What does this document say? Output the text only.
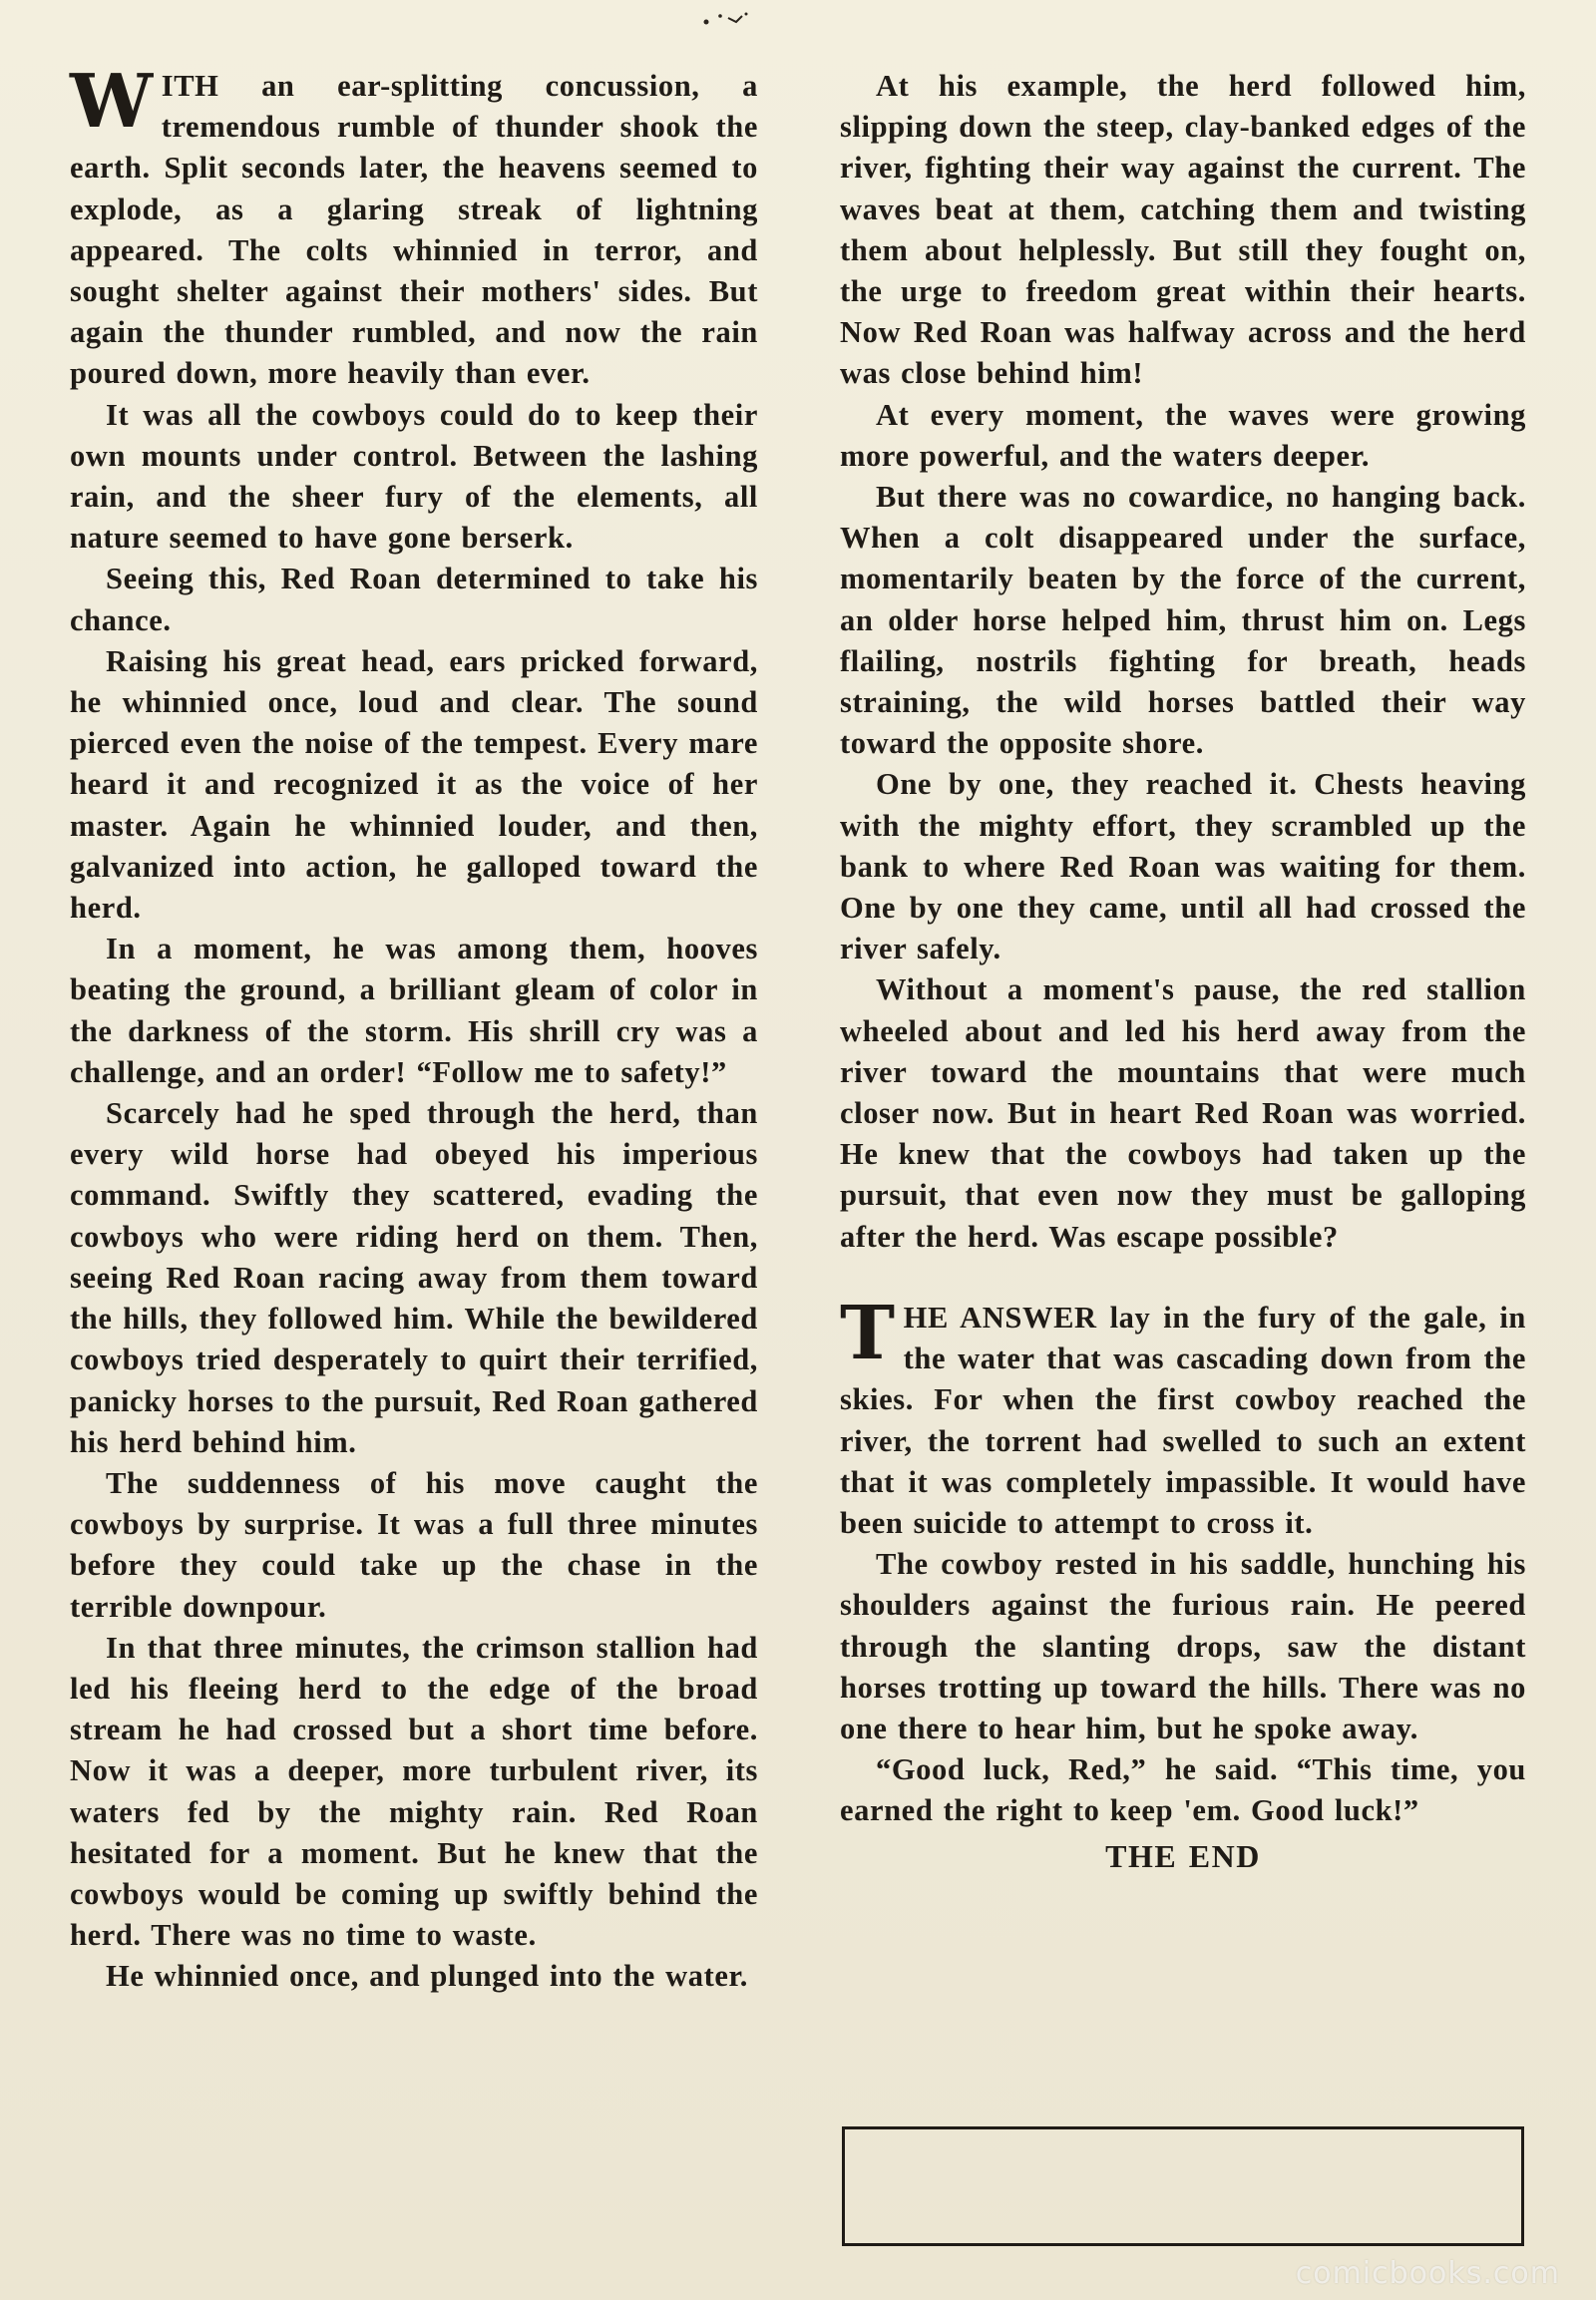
WITH an ear-splitting concussion, a tremendous rumble of thunder shook the earth. Split seconds later, the heavens seemed to explode, as a glaring streak of lightning appeared. The colts whinnied in terror, and sought shelter against their mothers' sides. But again the thunder rumbled, and now the rain poured down, more heavily than ever.

It was all the cowboys could do to keep their own mounts under control. Between the lashing rain, and the sheer fury of the elements, all nature seemed to have gone berserk.

Seeing this, Red Roan determined to take his chance.

Raising his great head, ears pricked forward, he whinnied once, loud and clear. The sound pierced even the noise of the tempest. Every mare heard it and recognized it as the voice of her master. Again he whinnied louder, and then, galvanized into action, he galloped toward the herd.

In a moment, he was among them, hooves beating the ground, a brilliant gleam of color in the darkness of the storm. His shrill cry was a challenge, and an order! “Follow me to safety!”

Scarcely had he sped through the herd, than every wild horse had obeyed his imperious command. Swiftly they scattered, evading the cowboys who were riding herd on them. Then, seeing Red Roan racing away from them toward the hills, they followed him. While the bewildered cowboys tried desperately to quirt their terrified, panicky horses to the pursuit, Red Roan gathered his herd behind him.

The suddenness of his move caught the cowboys by surprise. It was a full three minutes before they could take up the chase in the terrible downpour.

In that three minutes, the crimson stallion had led his fleeing herd to the edge of the broad stream he had crossed but a short time before. Now it was a deeper, more turbulent river, its waters fed by the mighty rain. Red Roan hesitated for a moment. But he knew that the cowboys would be coming up swiftly behind the herd. There was no time to waste.

He whinnied once, and plunged into the water.

At his example, the herd followed him, slipping down the steep, clay-banked edges of the river, fighting their way against the current. The waves beat at them, catching them and twisting them about helplessly. But still they fought on, the urge to freedom great within their hearts. Now Red Roan was halfway across and the herd was close behind him!

At every moment, the waves were growing more powerful, and the waters deeper.

But there was no cowardice, no hanging back. When a colt disappeared under the surface, momentarily beaten by the force of the current, an older horse helped him, thrust him on. Legs flailing, nostrils fighting for breath, heads straining, the wild horses battled their way toward the opposite shore.

One by one, they reached it. Chests heaving with the mighty effort, they scrambled up the bank to where Red Roan was waiting for them. One by one they came, until all had crossed the river safely.

Without a moment's pause, the red stallion wheeled about and led his herd away from the river toward the mountains that were much closer now. But in heart Red Roan was worried. He knew that the cowboys had taken up the pursuit, that even now they must be galloping after the herd. Was escape possible?

THE ANSWER lay in the fury of the gale, in the water that was cascading down from the skies. For when the first cowboy reached the river, the torrent had swelled to such an extent that it was completely impassible. It would have been suicide to attempt to cross it.

The cowboy rested in his saddle, hunching his shoulders against the furious rain. He peered through the slanting drops, saw the distant horses trotting up toward the hills. There was no one there to hear him, but he spoke away.

“Good luck, Red,” he said. “This time, you earned the right to keep 'em. Good luck!”

THE END

comicbooks.com
